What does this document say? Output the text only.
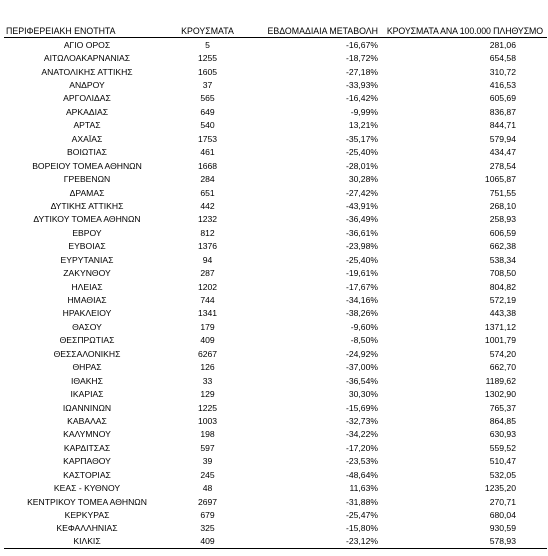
ΠΕΡΙΦΕΡΕΙΑΚΗ ΕΝΟΤΗΤΑ	ΚΡΟΥΣΜΑΤΑ	ΕΒΔΟΜΑΔΙΑΙΑ ΜΕΤΑΒΟΛΗ	ΚΡΟΥΣΜΑΤΑ ΑΝΑ 100.000 ΠΛΗΘΥΣΜΟ
ΑΓΙΟ ΟΡΟΣ	5	-16,67%	281,06
ΑΙΤΩΛΟΑΚΑΡΝΑΝΙΑΣ	1255	-18,72%	654,58
ΑΝΑΤΟΛΙΚΗΣ ΑΤΤΙΚΗΣ	1605	-27,18%	310,72
ΑΝΔΡΟΥ	37	-33,93%	416,53
ΑΡΓΟΛΙΔΑΣ	565	-16,42%	605,69
ΑΡΚΑΔΙΑΣ	649	-9,99%	836,87
ΑΡΤΑΣ	540	13,21%	844,71
ΑΧΑΪΑΣ	1753	-35,17%	579,94
ΒΟΙΩΤΙΑΣ	461	-25,40%	434,47
ΒΟΡΕΙΟΥ ΤΟΜΕΑ ΑΘΗΝΩΝ	1668	-28,01%	278,54
ΓΡΕΒΕΝΩΝ	284	30,28%	1065,87
ΔΡΑΜΑΣ	651	-27,42%	751,55
ΔΥΤΙΚΗΣ ΑΤΤΙΚΗΣ	442	-43,91%	268,10
ΔΥΤΙΚΟΥ ΤΟΜΕΑ ΑΘΗΝΩΝ	1232	-36,49%	258,93
ΕΒΡΟΥ	812	-36,61%	606,59
ΕΥΒΟΙΑΣ	1376	-23,98%	662,38
ΕΥΡΥΤΑΝΙΑΣ	94	-25,40%	538,34
ΖΑΚΥΝΘΟΥ	287	-19,61%	708,50
ΗΛΕΙΑΣ	1202	-17,67%	804,82
ΗΜΑΘΙΑΣ	744	-34,16%	572,19
ΗΡΑΚΛΕΙΟΥ	1341	-38,26%	443,38
ΘΑΣΟΥ	179	-9,60%	1371,12
ΘΕΣΠΡΩΤΙΑΣ	409	-8,50%	1001,79
ΘΕΣΣΑΛΟΝΙΚΗΣ	6267	-24,92%	574,20
ΘΗΡΑΣ	126	-37,00%	662,70
ΙΘΑΚΗΣ	33	-36,54%	1189,62
ΙΚΑΡΙΑΣ	129	30,30%	1302,90
ΙΩΑΝΝΙΝΩΝ	1225	-15,69%	765,37
ΚΑΒΑΛΑΣ	1003	-32,73%	864,85
ΚΑΛΥΜΝΟΥ	198	-34,22%	630,93
ΚΑΡΔΙΤΣΑΣ	597	-17,20%	559,52
ΚΑΡΠΑΘΟΥ	39	-23,53%	510,47
ΚΑΣΤΟΡΙΑΣ	245	-48,64%	532,05
ΚΕΑΣ - ΚΥΘΝΟΥ	48	11,63%	1235,20
ΚΕΝΤΡΙΚΟΥ ΤΟΜΕΑ ΑΘΗΝΩΝ	2697	-31,88%	270,71
ΚΕΡΚΥΡΑΣ	679	-25,47%	680,04
ΚΕΦΑΛΛΗΝΙΑΣ	325	-15,80%	930,59
ΚΙΛΚΙΣ	409	-23,12%	578,93
